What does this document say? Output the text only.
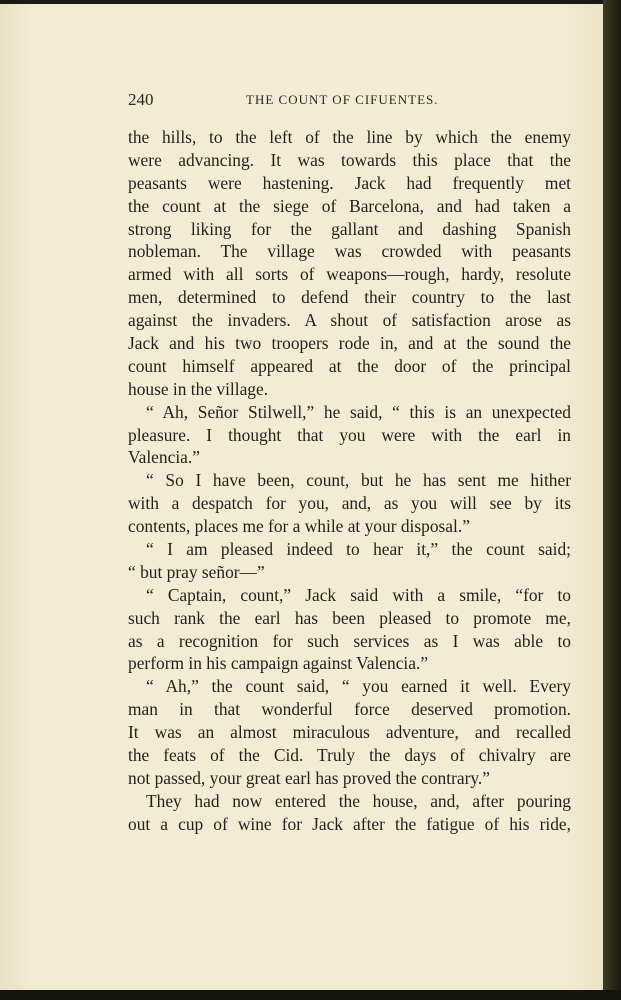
240	THE COUNT OF CIFUENTES.
the hills, to the left of the line by which the enemy
were advancing. It was towards this place that the
peasants were hastening. Jack had frequently met
the count at the siege of Barcelona, and had taken a
strong liking for the gallant and dashing Spanish
nobleman. The village was crowded with peasants
armed with all sorts of weapons—rough, hardy, resolute
men, determined to defend their country to the last
against the invaders. A shout of satisfaction arose as
Jack and his two troopers rode in, and at the sound the
count himself appeared at the door of the principal
house in the village.
“ Ah, Señor Stilwell,” he said, “ this is an unexpected
pleasure. I thought that you were with the earl in
Valencia.”
“ So I have been, count, but he has sent me hither
with a despatch for you, and, as you will see by its
contents, places me for a while at your disposal.”
“ I am pleased indeed to hear it,” the count said;
“ but pray señor—”
“ Captain, count,” Jack said with a smile, “for to
such rank the earl has been pleased to promote me,
as a recognition for such services as I was able to
perform in his campaign against Valencia.”
“ Ah,” the count said, “ you earned it well. Every
man in that wonderful force deserved promotion.
It was an almost miraculous adventure, and recalled
the feats of the Cid. Truly the days of chivalry are
not passed, your great earl has proved the contrary.”
They had now entered the house, and, after pouring
out a cup of wine for Jack after the fatigue of his ride,
